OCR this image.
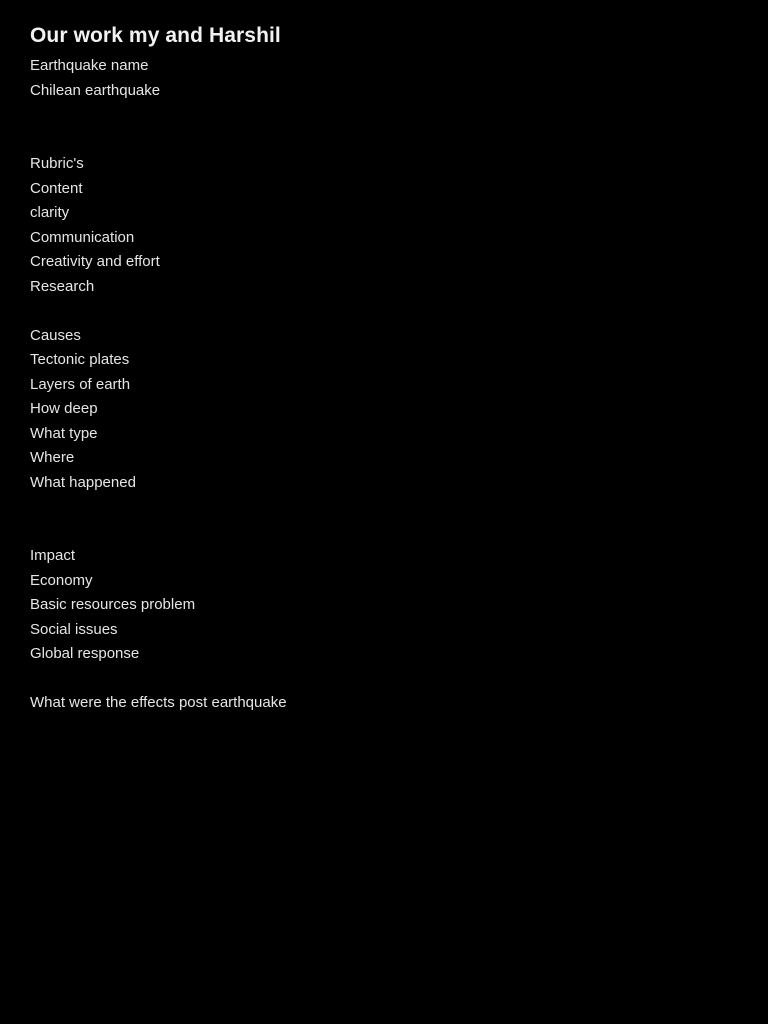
Our work my and Harshil
Earthquake name
Chilean earthquake
Rubric's
Content
clarity
Communication
Creativity and effort
Research
Causes
Tectonic plates
Layers of earth
How deep
What type
Where
What happened
Impact
Economy
Basic resources problem
Social issues
Global response
What were the effects post earthquake
